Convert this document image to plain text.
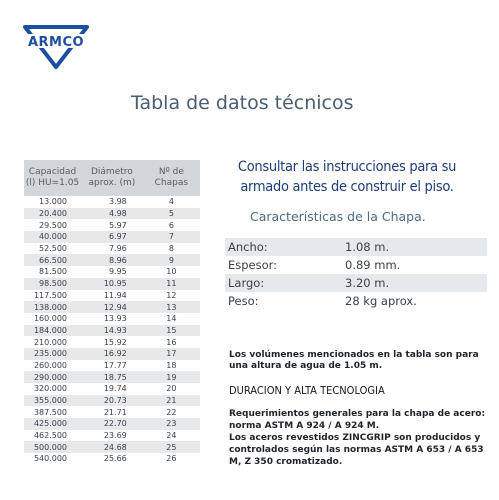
ARMCO
Tabla de datos técnicos
Capacidad (l) HU=1.05	Diámetro aprox. (m)	Nº de Chapas
13.000	3.98	4
20.400	4.98	5
29.500	5.97	6
40.000	6.97	7
52.500	7.96	8
66.500	8.96	9
81.500	9.95	10
98.500	10.95	11
117.500	11.94	12
138.000	12.94	13
160.000	13.93	14
184.000	14.93	15
210.000	15.92	16
235.000	16.92	17
260.000	17.77	18
290.000	18.75	19
320.000	19.74	20
355.000	20.73	21
387.500	21.71	22
425.000	22.70	23
462.500	23.69	24
500.000	24.68	25
540.000	25.66	26
Consultar las instrucciones para su armado antes de construir el piso.
Características de la Chapa.
Ancho:	1.08 m.
Espesor:	0.89 mm.
Largo:	3.20 m.
Peso:	28 kg aprox.
Los volúmenes mencionados en la tabla son para una altura de agua de 1.05 m.
DURACION Y ALTA TECNOLOGIA

Requerimientos generales para la chapa de acero: norma ASTM A 924 / A 924 M.

Los aceros revestidos ZINCGRIP son producidos y controlados según las normas ASTM A 653 / A 653 M, Z 350 cromatizado.
